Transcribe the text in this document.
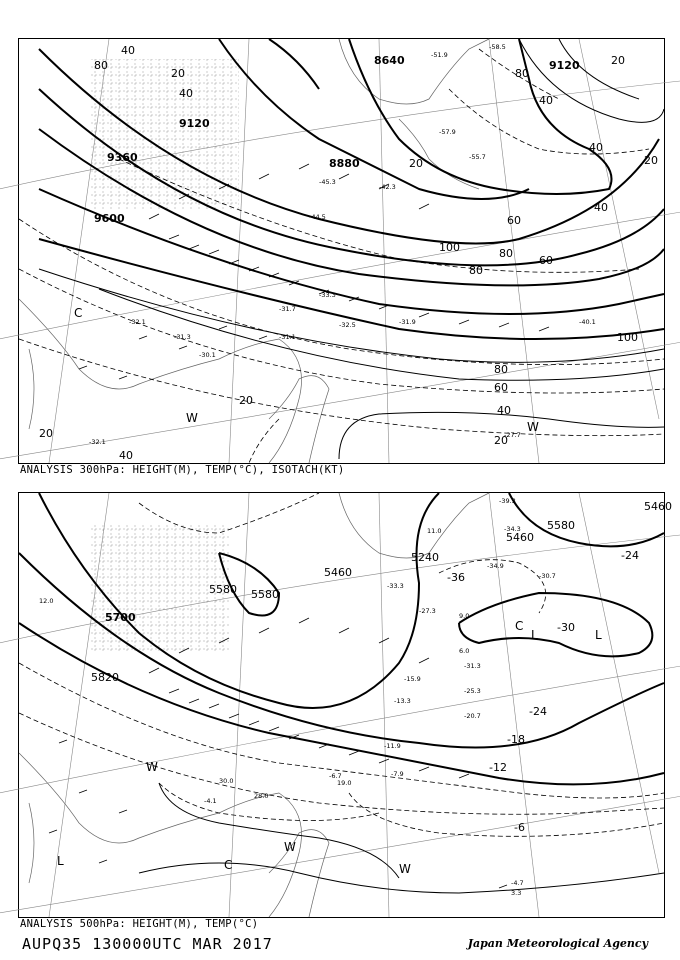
8640	9120
9120
9360
9600
8880
40
80
20
40
80
20
40
20
60
80
40
20
20
20
40
40
60
80
100
100
20
40
60
80
-51.9
-58.5
-57.9
-55.7
-44.5
-33.3
-31.9
-31.7
-32.5
-32.1
-31.3
-30.1
-31.1
-32.1
-27.7
-42.3
-40.1
-45.3
C
W
W
ANALYSIS 300hPa: HEIGHT(M), TEMP(°C), ISOTACH(KT)
5580
5460
5460
5240
5460
5580
5580
5700
5820
-36
-30
-24
-18
-12
-6
-24
-39.3
-34.3
-33.3
-34.9
-30.7
-27.3
-31.3
-25.3
-20.7
-15.9
-11.9
-13.3
-7.9
-6.7
-4.1
-4.7
3.3
12.0
28.0
30.0	19.0
11.0
6.0
9.0
L	L
C
L
W
W
W
C
ANALYSIS 500hPa: HEIGHT(M), TEMP(°C)
AUPQ35 130000UTC MAR 2017	Japan Meteorological Agency
